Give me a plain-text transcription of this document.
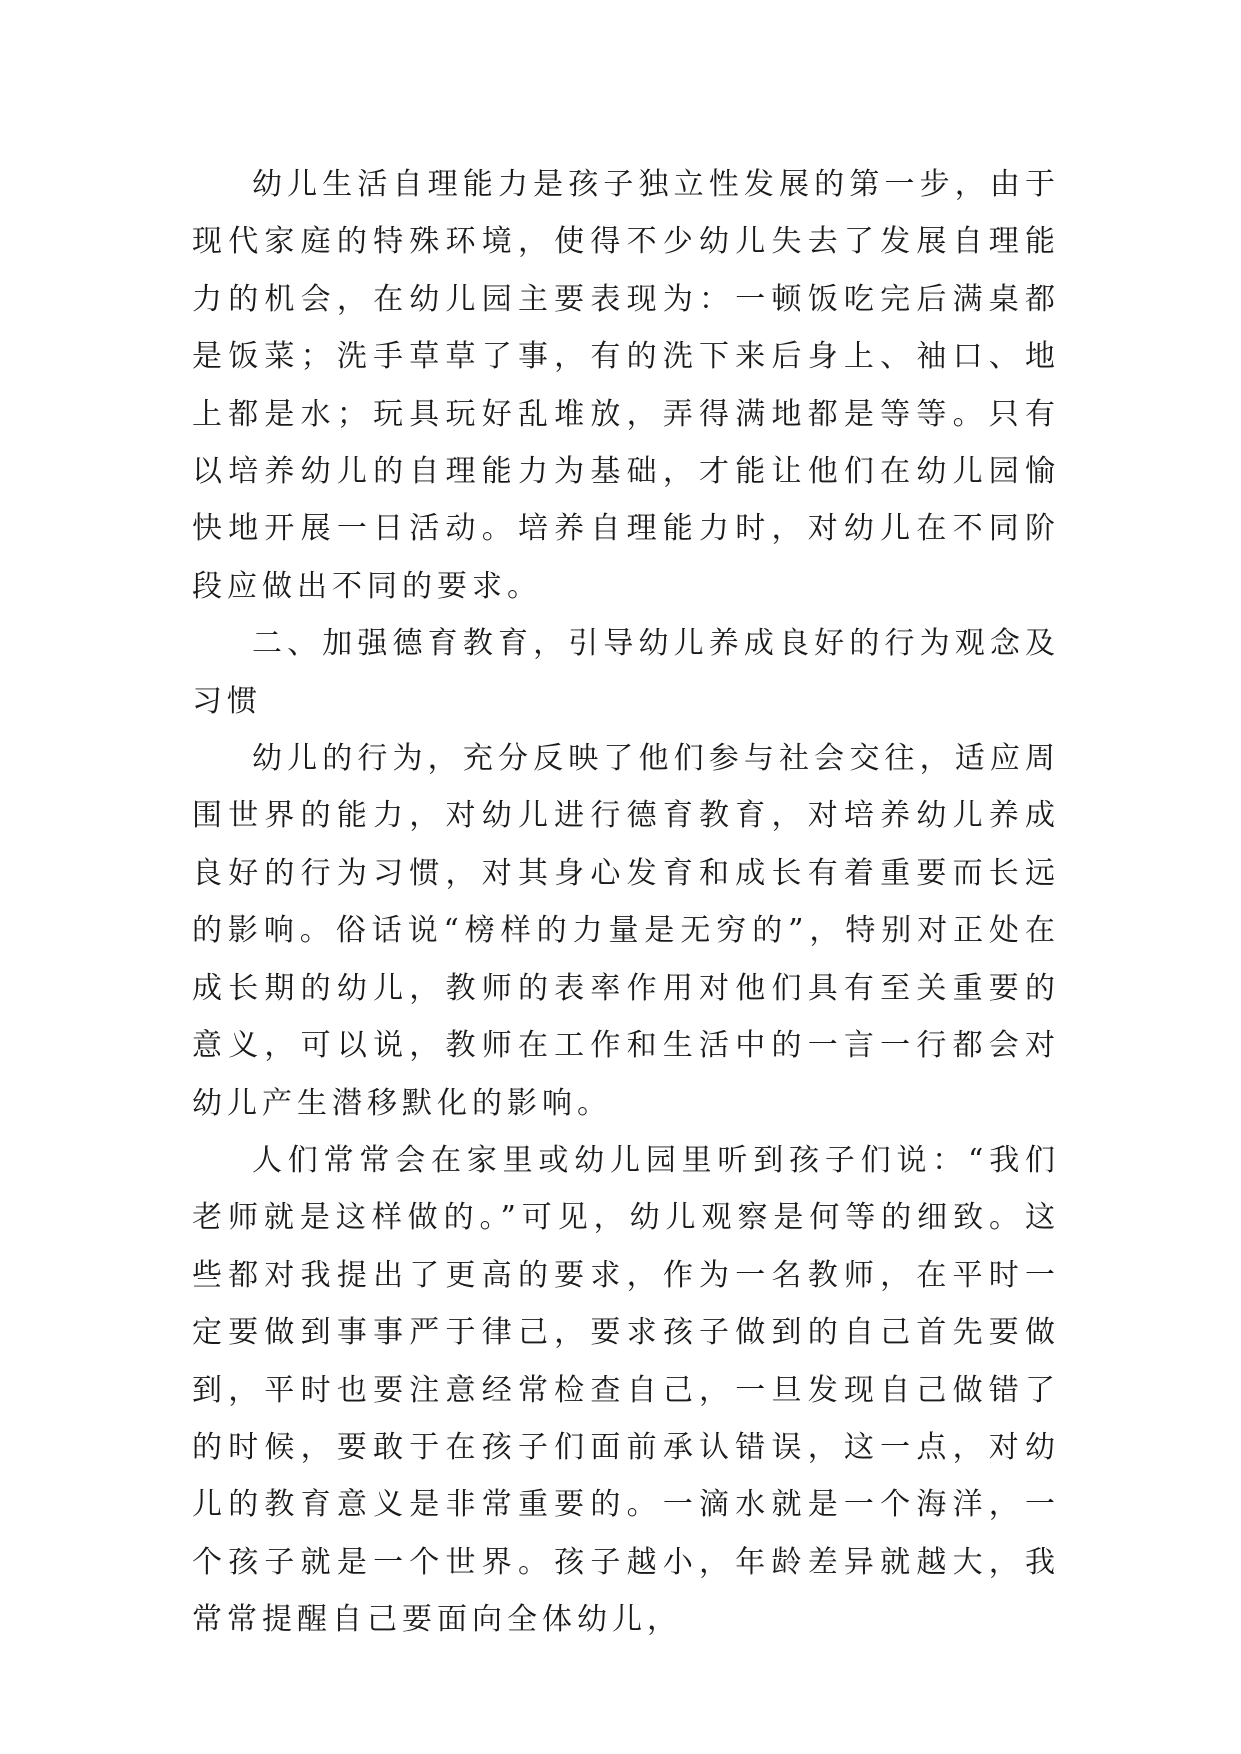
幼儿生活自理能力是孩子独立性发展的第一步，由于现代家庭的特殊环境，使得不少幼儿失去了发展自理能力的机会，在幼儿园主要表现为：一顿饭吃完后满桌都是饭菜；洗手草草了事，有的洗下来后身上、袖口、地上都是水；玩具玩好乱堆放，弄得满地都是等等。只有以培养幼儿的自理能力为基础，才能让他们在幼儿园愉快地开展一日活动。培养自理能力时，对幼儿在不同阶段应做出不同的要求。

二、加强德育教育，引导幼儿养成良好的行为观念及习惯

幼儿的行为，充分反映了他们参与社会交往，适应周围世界的能力，对幼儿进行德育教育，对培养幼儿养成良好的行为习惯，对其身心发育和成长有着重要而长远的影响。俗话说“榜样的力量是无穷的”，特别对正处在成长期的幼儿，教师的表率作用对他们具有至关重要的意义，可以说，教师在工作和生活中的一言一行都会对幼儿产生潜移默化的影响。

人们常常会在家里或幼儿园里听到孩子们说：“我们老师就是这样做的。”可见，幼儿观察是何等的细致。这些都对我提出了更高的要求，作为一名教师，在平时一定要做到事事严于律己，要求孩子做到的自己首先要做到，平时也要注意经常检查自己，一旦发现自己做错了的时候，要敢于在孩子们面前承认错误，这一点，对幼儿的教育意义是非常重要的。一滴水就是一个海洋，一个孩子就是一个世界。孩子越小，年龄差异就越大，我常常提醒自己要面向全体幼儿，
